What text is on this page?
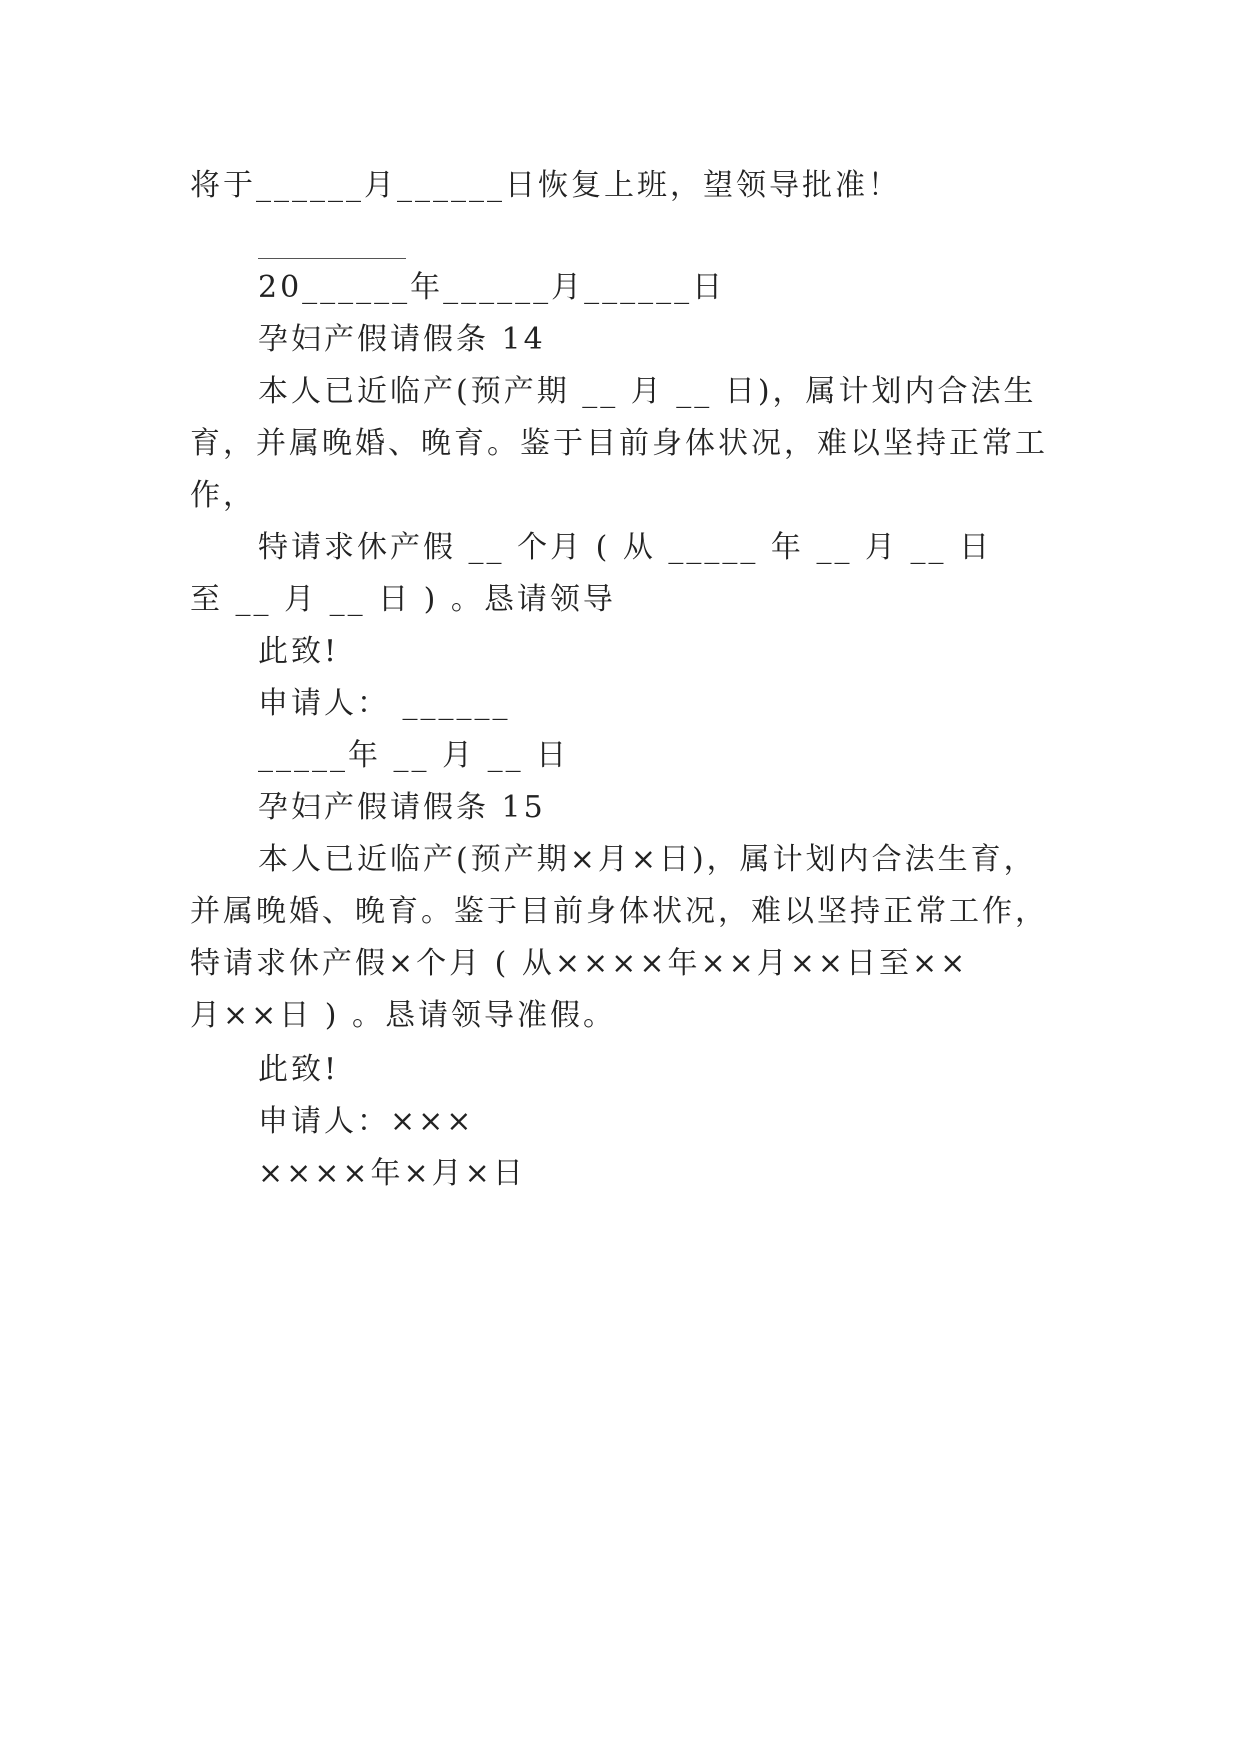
将于______月______日恢复上班，望领导批准！
20______年______月______日
孕妇产假请假条 14
本人已近临产(预产期 __ 月 __ 日)，属计划内合法生
育，并属晚婚、晚育。鉴于目前身体状况，难以坚持正常工
作，
特请求休产假 __ 个月 ( 从 _____ 年 __ 月 __ 日
至 __ 月 __ 日 ) 。恳请领导
此致!
申请人： ______
_____年 __ 月 __ 日
孕妇产假请假条 15
本人已近临产(预产期×月×日)，属计划内合法生育，
并属晚婚、晚育。鉴于目前身体状况，难以坚持正常工作，
特请求休产假×个月 ( 从××××年××月××日至××
月××日 ) 。恳请领导准假。
此致!
申请人：×××
××××年×月×日
